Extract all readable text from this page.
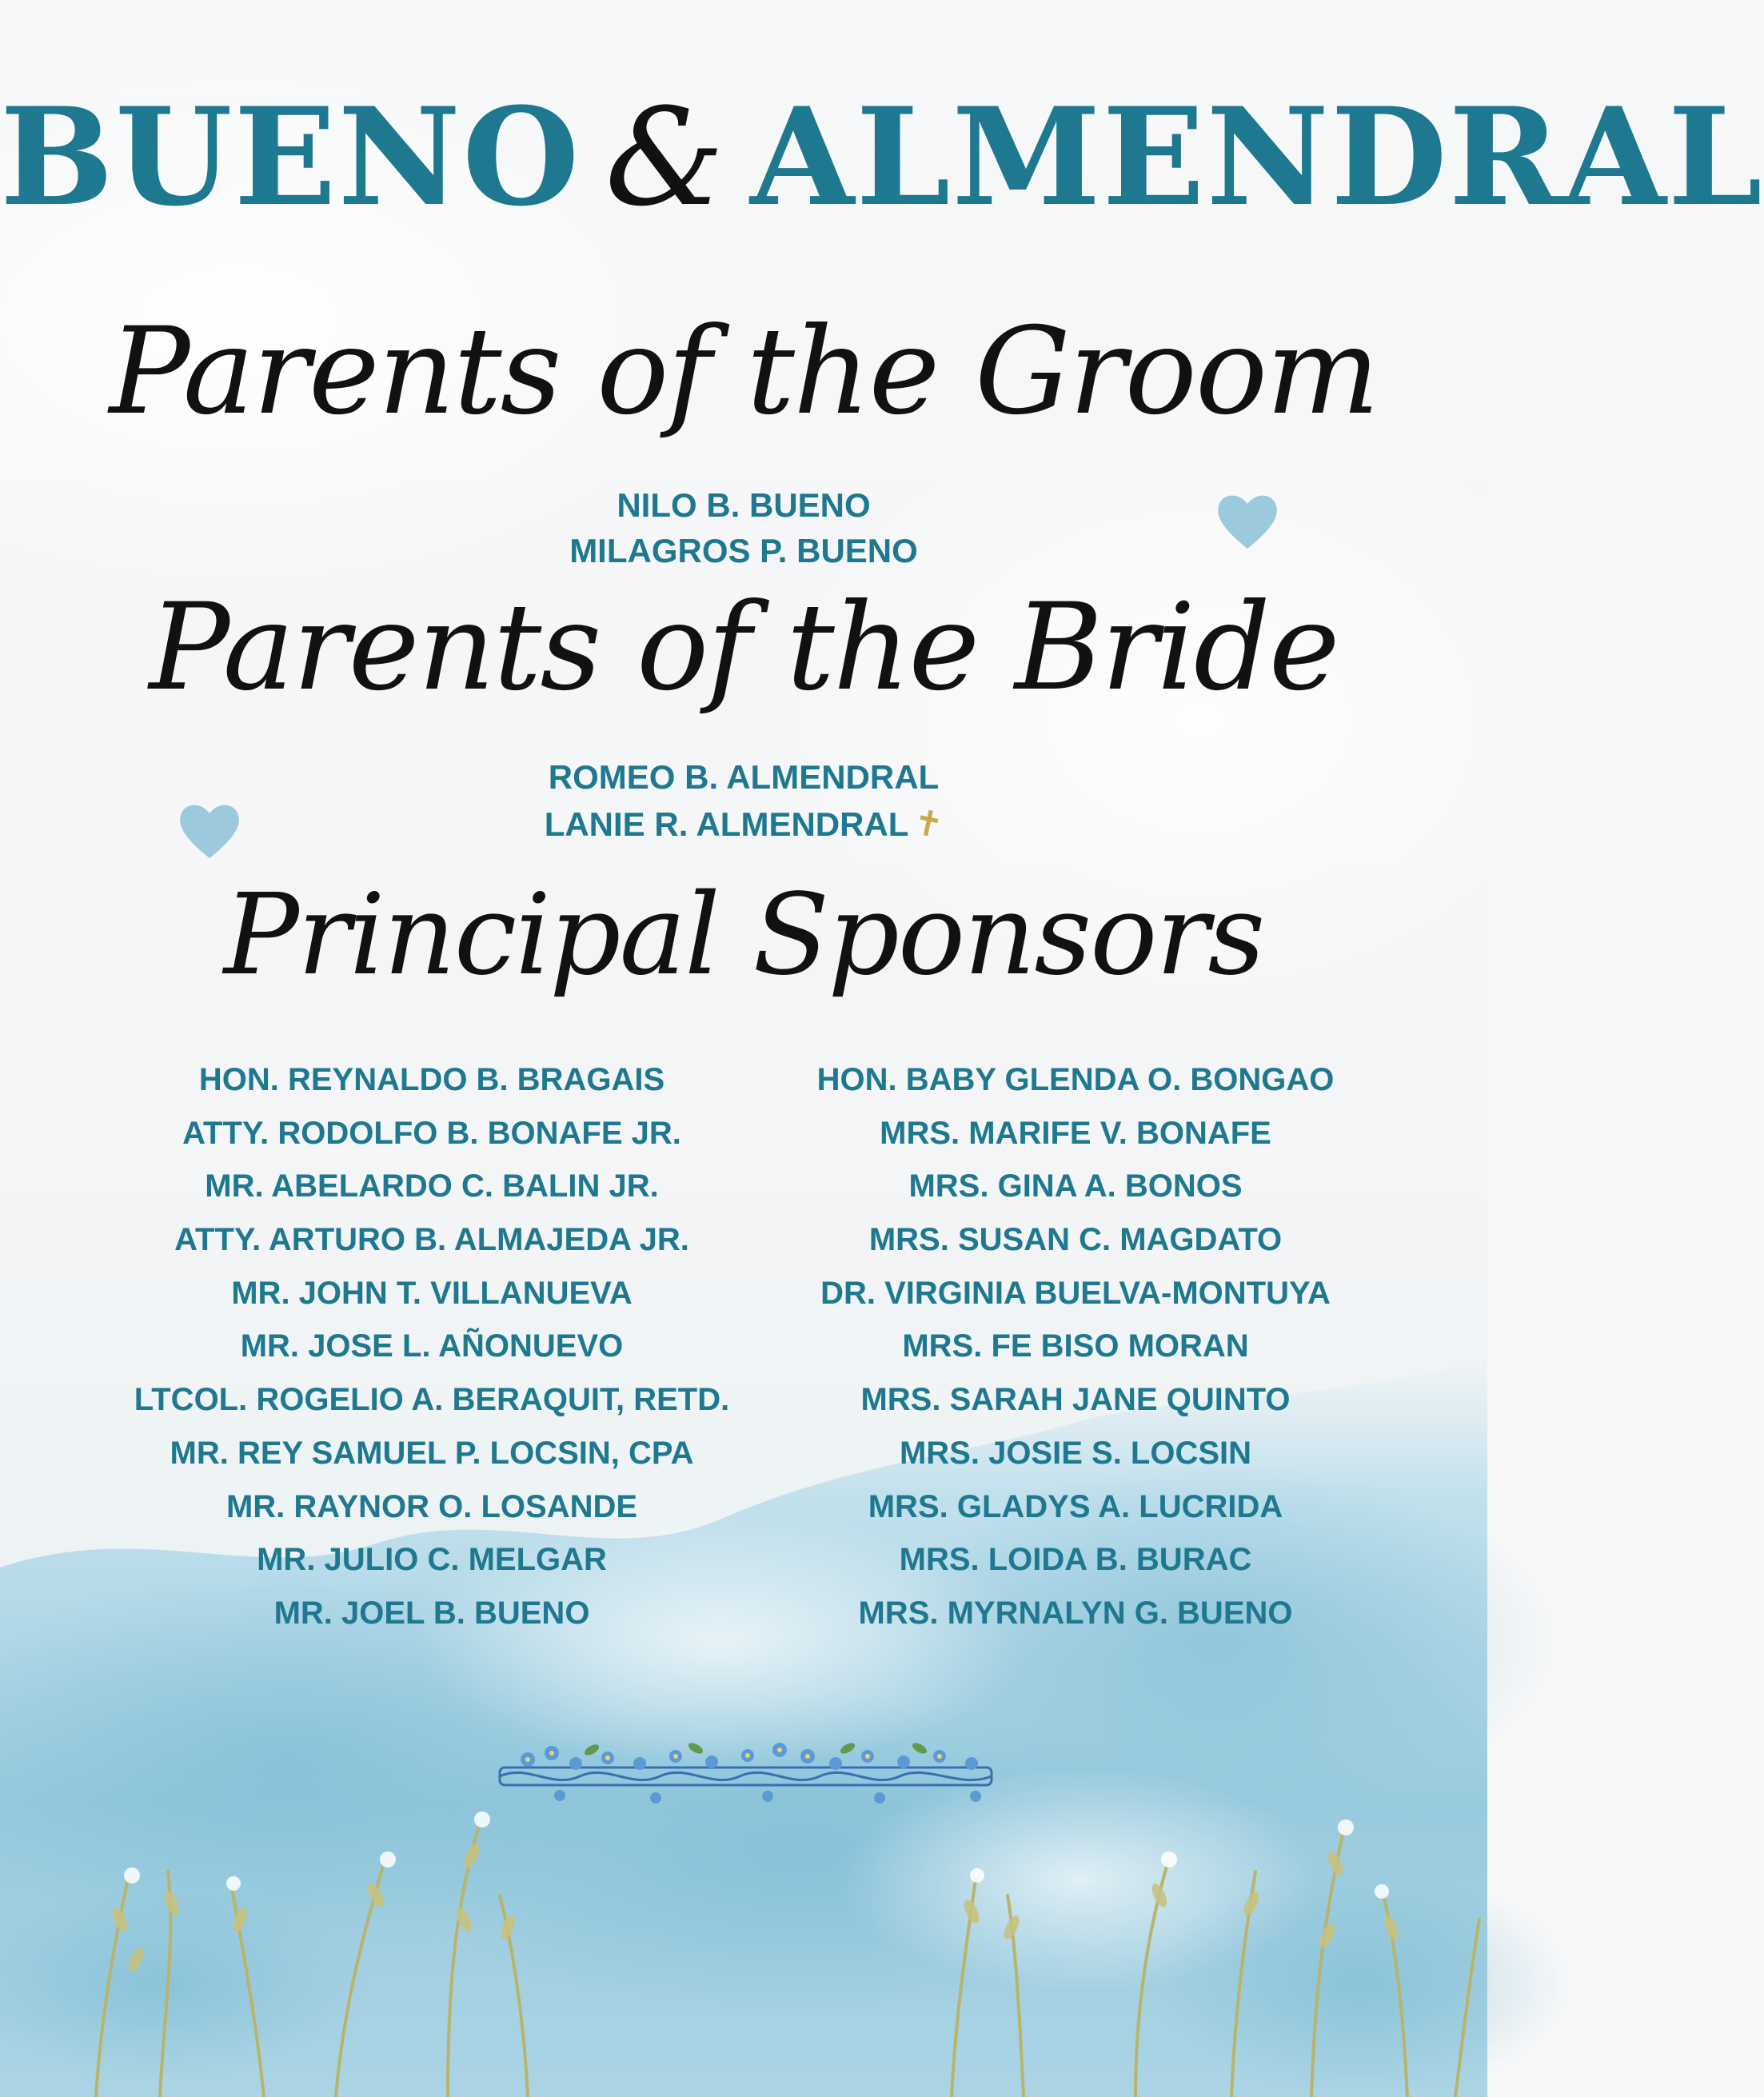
BUENO & ALMENDRAL
Parents of the Groom
NILO B. BUENO
MILAGROS P. BUENO
Parents of the Bride
ROMEO B. ALMENDRAL
LANIE R. ALMENDRAL✝
Principal Sponsors
HON. REYNALDO B. BRAGAIS
ATTY. RODOLFO B. BONAFE JR.
MR. ABELARDO C. BALIN JR.
ATTY. ARTURO B. ALMAJEDA JR.
MR. JOHN T. VILLANUEVA
MR. JOSE L. AÑONUEVO
LTCOL. ROGELIO A. BERAQUIT, RETD.
MR. REY SAMUEL P. LOCSIN, CPA
MR. RAYNOR O. LOSANDE
MR. JULIO C. MELGAR
MR. JOEL B. BUENO
HON. BABY GLENDA O. BONGAO
MRS. MARIFE V. BONAFE
MRS. GINA A. BONOS
MRS. SUSAN C. MAGDATO
DR. VIRGINIA BUELVA-MONTUYA
MRS. FE BISO MORAN
MRS. SARAH JANE QUINTO
MRS. JOSIE S. LOCSIN
MRS. GLADYS A. LUCRIDA
MRS. LOIDA B. BURAC
MRS. MYRNALYN G. BUENO
